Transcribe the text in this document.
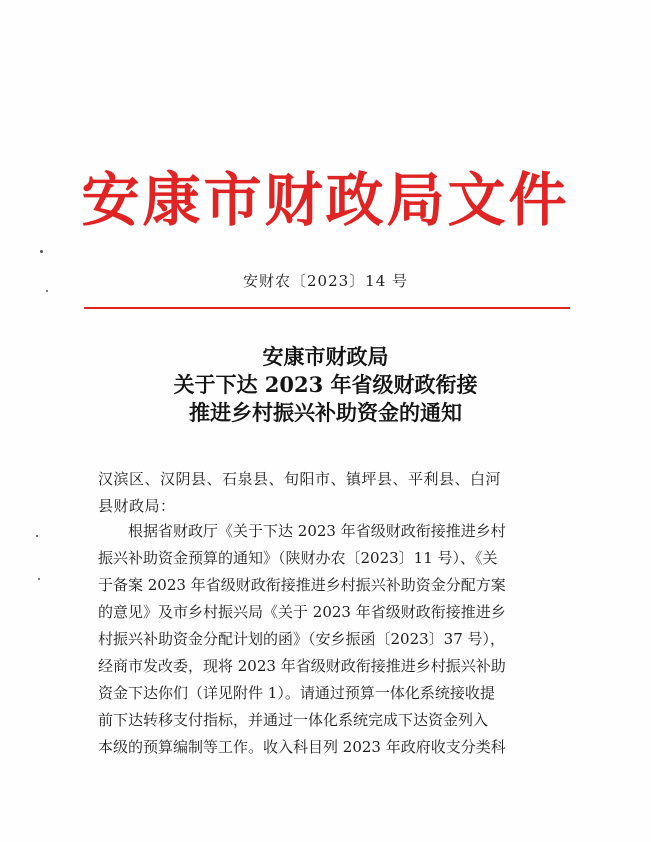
安康市财政局文件
安财农〔2023〕14 号
安康市财政局
关于下达 2023 年省级财政衔接
推进乡村振兴补助资金的通知
汉滨区、汉阴县、石泉县、旬阳市、镇坪县、平利县、白河
县财政局：
根据省财政厅《关于下达 2023 年省级财政衔接推进乡村
振兴补助资金预算的通知》（陕财办农〔2023〕11 号）、《关
于备案 2023 年省级财政衔接推进乡村振兴补助资金分配方案
的意见》及市乡村振兴局《关于 2023 年省级财政衔接推进乡
村振兴补助资金分配计划的函》（安乡振函〔2023〕37 号），
经商市发改委，现将 2023 年省级财政衔接推进乡村振兴补助
资金下达你们（详见附件 1）。请通过预算一体化系统接收提
前下达转移支付指标，并通过一体化系统完成下达资金列入
本级的预算编制等工作。收入科目列 2023 年政府收支分类科
